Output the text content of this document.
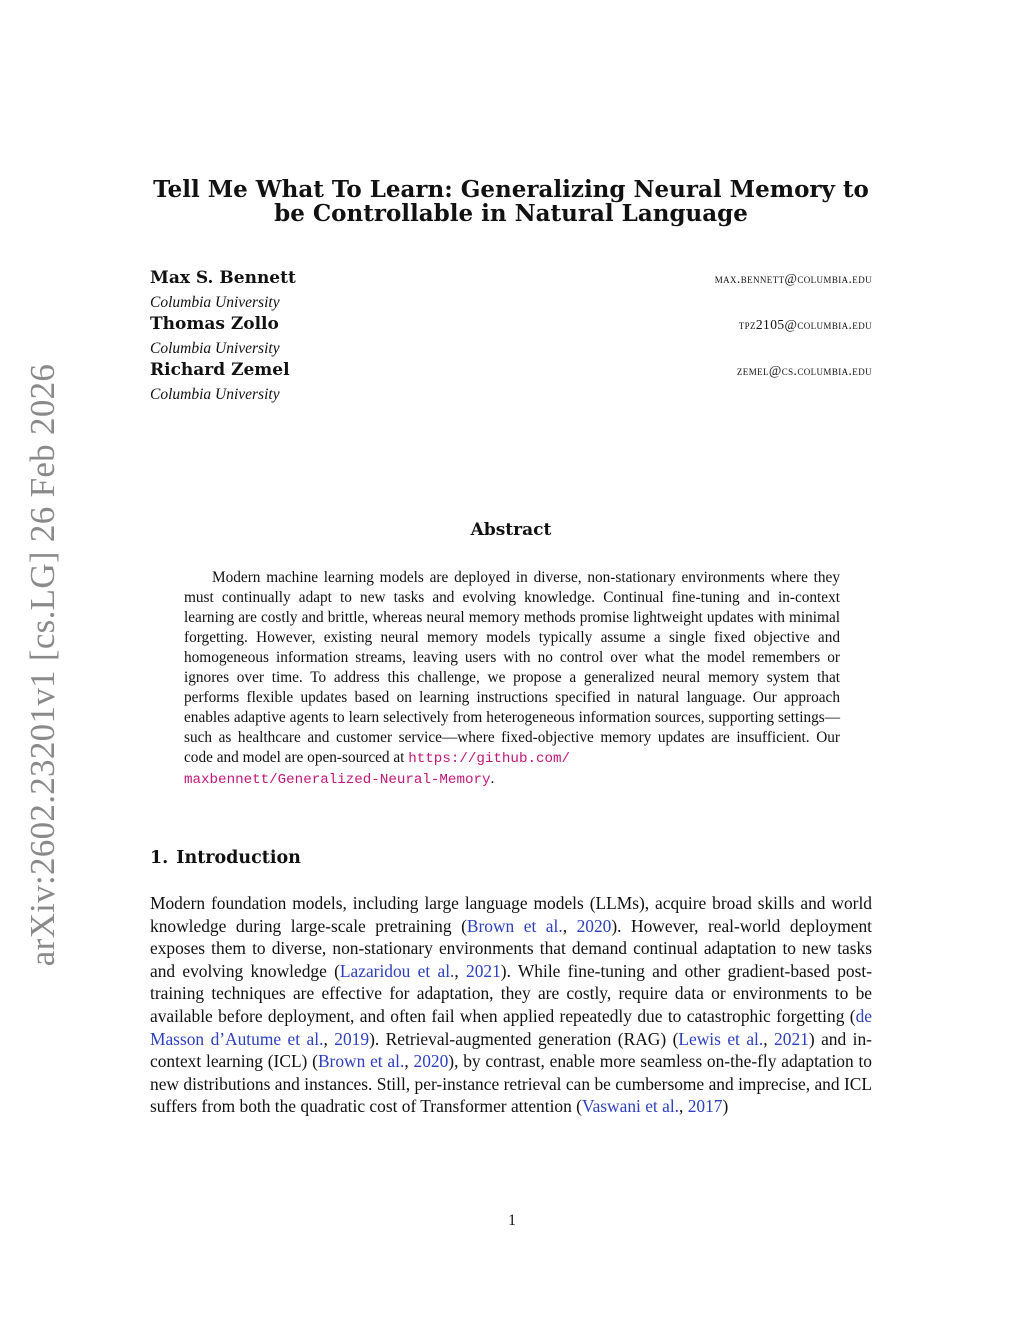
arXiv:2602.23201v1 [cs.LG] 26 Feb 2026
Tell Me What To Learn: Generalizing Neural Memory to be Controllable in Natural Language
Max S. Bennett	max.bennett@columbia.edu
Columbia University
Thomas Zollo	tpz2105@columbia.edu
Columbia University
Richard Zemel	zemel@cs.columbia.edu
Columbia University
Abstract
Modern machine learning models are deployed in diverse, non-stationary environments where they must continually adapt to new tasks and evolving knowledge. Continual fine-tuning and in-context learning are costly and brittle, whereas neural memory methods promise lightweight updates with minimal forgetting. However, existing neural memory models typically assume a single fixed objective and homogeneous information streams, leaving users with no control over what the model remembers or ignores over time. To address this challenge, we propose a generalized neural memory system that performs flexible updates based on learning instructions specified in natural language. Our approach enables adaptive agents to learn selectively from heterogeneous information sources, supporting settings—such as healthcare and customer service—where fixed-objective memory updates are insufficient. Our code and model are open-sourced at https://github.com/
maxbennett/Generalized-Neural-Memory.
1. Introduction
Modern foundation models, including large language models (LLMs), acquire broad skills and world knowledge during large-scale pretraining (Brown et al., 2020). However, real-world deployment exposes them to diverse, non-stationary environments that demand continual adaptation to new tasks and evolving knowledge (Lazaridou et al., 2021). While fine-tuning and other gradient-based post-training techniques are effective for adaptation, they are costly, require data or environments to be available before deployment, and often fail when applied repeatedly due to catastrophic forgetting (de Masson d’Autume et al., 2019). Retrieval-augmented generation (RAG) (Lewis et al., 2021) and in-context learning (ICL) (Brown et al., 2020), by contrast, enable more seamless on-the-fly adaptation to new distributions and instances. Still, per-instance retrieval can be cumbersome and imprecise, and ICL suffers from both the quadratic cost of Transformer attention (Vaswani et al., 2017)
1
